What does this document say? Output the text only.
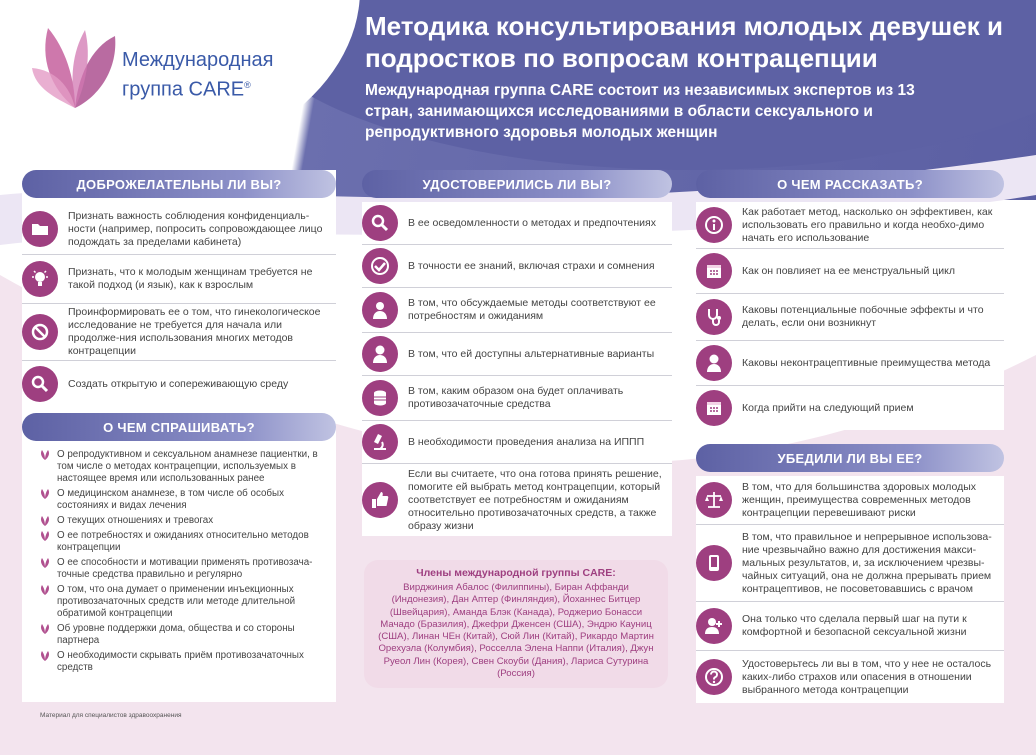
Международная
группа CARE®
Методика консультирования молодых девушек и подростков по вопросам контрацепции
Международная группа CARE состоит из независимых экспертов из 13 стран, занимающихся исследованиями в области сексуального и репродуктивного здоровья молодых женщин
ДОБРОЖЕЛАТЕЛЬНЫ ЛИ ВЫ?
Признать важность соблюдения конфиденциаль-ности (например, попросить сопровождающее лицо подождать за пределами кабинета)
Признать, что к молодым женщинам требуется не такой подход (и язык), как к взрослым
Проинформировать ее о том, что гинекологическое исследование не требуется для начала или продолже-ния использования многих методов контрацепции
Создать открытую и сопереживающую среду
О ЧЕМ СПРАШИВАТЬ?
О репродуктивном и сексуальном анамнезе пациентки, в том числе о методах контрацепции, используемых в настоящее время или использованных ранее
О медицинском анамнезе, в том числе об особых состояниях и видах лечения
О текущих отношениях и тревогах
О ее потребностях и ожиданиях относительно методов контрацепции
О ее способности и мотивации применять противозача-точные средства правильно и регулярно
О том, что она думает о применении инъекционных противозачаточных средств или методе длительной обратимой контрацепции
Об уровне поддержки дома, общества и со стороны партнера
О необходимости скрывать приём противозачаточных средств
УДОСТОВЕРИЛИСЬ ЛИ ВЫ?
В ее осведомленности о методах и предпочтениях
В точности ее знаний, включая страхи и сомнения
В том, что обсуждаемые методы соответствуют ее потребностям и ожиданиям
В том, что ей доступны альтернативные варианты
В том, каким образом она будет оплачивать противозачаточные средства
В необходимости проведения анализа на ИППП
Если вы считаете, что она готова принять решение, помогите ей выбрать метод контрацепции, который соответствует ее потребностям и ожиданиям относительно противозачаточных средств, а также образу жизни
Члены международной группы CARE:
Вирджиния Абалос (Филиппины), Биран Аффанди (Индонезия), Дан Аптер (Финляндия), Йоханнес Битцер (Швейцария), Аманда Блэк (Канада), Роджерио Бонасси Мачадо (Бразилия), Джефри Дженсен (США), Эндрю Кауниц (США), Линан ЧЕн (Китай), Сюй Лин (Китай), Рикардо Мартин Орехуэла (Колумбия), Росселла Элена Наппи (Италия), Джун Руеол Лин (Корея), Свен Скоуби (Дания), Лариса Сутурина (Россия)
О ЧЕМ РАССКАЗАТЬ?
Как работает метод, насколько он эффективен, как использовать его правильно и когда необхо-димо начать его использование
Как он повлияет на ее менструальный цикл
Каковы потенциальные побочные эффекты и что делать, если они возникнут
Каковы неконтрацептивные преимущества метода
Когда прийти на следующий прием
УБЕДИЛИ ЛИ ВЫ ЕЕ?
В том, что для большинства здоровых молодых женщин, преимущества современных методов контрацепции перевешивают риски
В том, что правильное и непрерывное использова-ние чрезвычайно важно для достижения макси-мальных результатов, и, за исключением чрезвы-чайных ситуаций, она не должна прерывать прием контрацептивов, не посоветовавшись с врачом
Она только что сделала первый шаг на пути к комфортной и безопасной сексуальной жизни
Удостоверьтесь ли вы в том, что у нее не осталось каких-либо страхов или опасения в отношении выбранного метода контрацепции
Материал для специалистов здравоохранения
